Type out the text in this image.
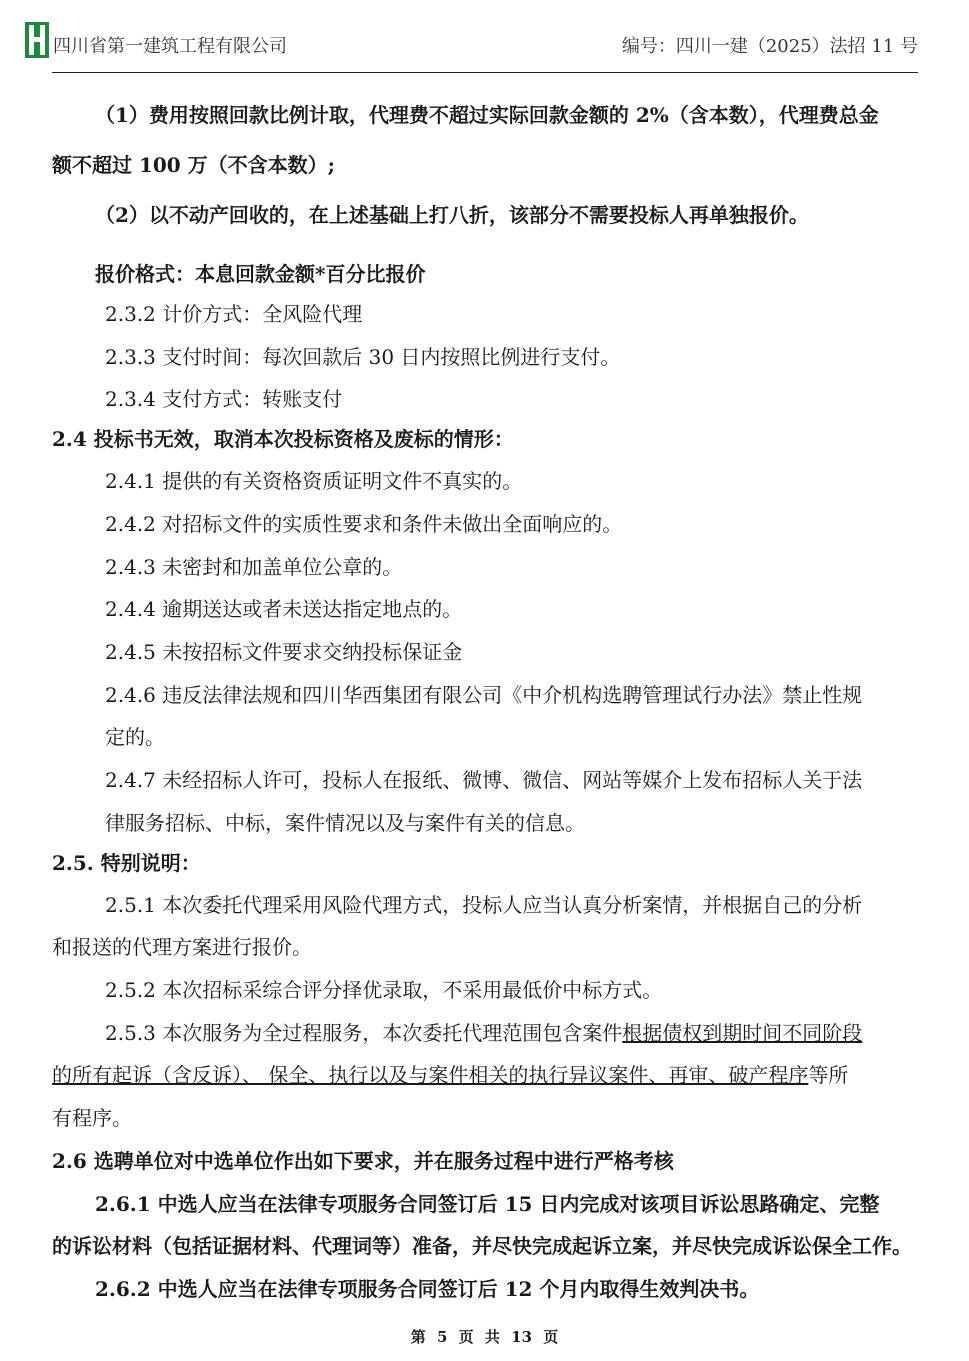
四川省第一建筑工程有限公司	编号：四川一建（2025）法招 11 号
（1）费用按照回款比例计取，代理费不超过实际回款金额的 2%（含本数），代理费总金
额不超过 100 万（不含本数）;
（2）以不动产回收的，在上述基础上打八折，该部分不需要投标人再单独报价。
报价格式：本息回款金额*百分比报价
2.3.2 计价方式：全风险代理
2.3.3 支付时间：每次回款后 30 日内按照比例进行支付。
2.3.4 支付方式：转账支付
2.4 投标书无效，取消本次投标资格及废标的情形：
2.4.1 提供的有关资格资质证明文件不真实的。
2.4.2 对招标文件的实质性要求和条件未做出全面响应的。
2.4.3 未密封和加盖单位公章的。
2.4.4 逾期送达或者未送达指定地点的。
2.4.5 未按招标文件要求交纳投标保证金
2.4.6 违反法律法规和四川华西集团有限公司《中介机构选聘管理试行办法》禁止性规
定的。
2.4.7 未经招标人许可，投标人在报纸、微博、微信、网站等媒介上发布招标人关于法
律服务招标、中标，案件情况以及与案件有关的信息。
2.5. 特别说明：
2.5.1 本次委托代理采用风险代理方式，投标人应当认真分析案情，并根据自己的分析
和报送的代理方案进行报价。
2.5.2 本次招标采综合评分择优录取，不采用最低价中标方式。
2.5.3 本次服务为全过程服务，本次委托代理范围包含案件根据债权到期时间不同阶段
的所有起诉（含反诉）、 保全、执行以及与案件相关的执行异议案件、再审、破产程序等所
有程序。
2.6 选聘单位对中选单位作出如下要求，并在服务过程中进行严格考核
2.6.1 中选人应当在法律专项服务合同签订后 15 日内完成对该项目诉讼思路确定、完整
的诉讼材料（包括证据材料、代理词等）准备，并尽快完成起诉立案，并尽快完成诉讼保全工作。
2.6.2 中选人应当在法律专项服务合同签订后 12 个月内取得生效判决书。
第 5 页 共 13 页
